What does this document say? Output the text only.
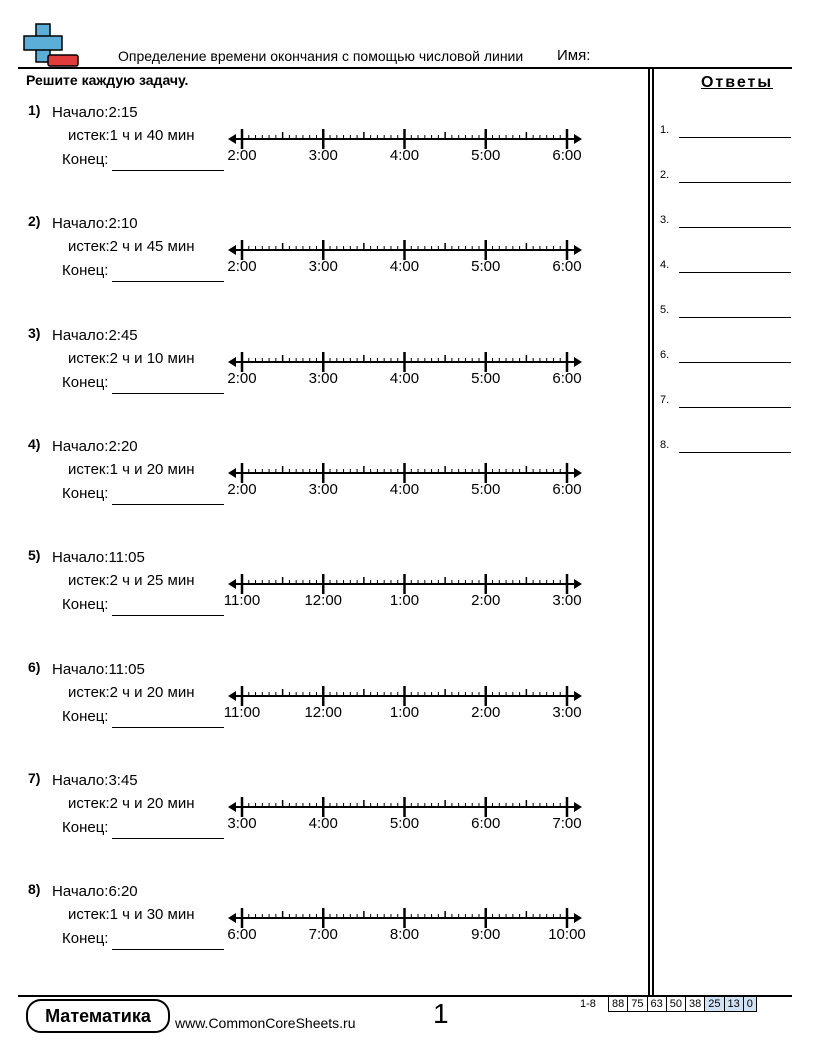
Определение времени окончания с помощью числовой линии Имя:
Решите каждую задачу.	Ответы
1.
2.
3.
4.
5.
6.
7.
8.
1) Начало:2:15
истек:1 ч и 40 мин
Конец:	2:00	3:00	4:00	5:00	6:00
2) Начало:2:10
истек:2 ч и 45 мин
Конец:	2:00	3:00	4:00	5:00	6:00
3) Начало:2:45
истек:2 ч и 10 мин
Конец:	2:00	3:00	4:00	5:00	6:00
4) Начало:2:20
истек:1 ч и 20 мин
Конец:	2:00	3:00	4:00	5:00	6:00
5) Начало:11:05
истек:2 ч и 25 мин
Конец:	11:00	12:00	1:00	2:00	3:00
6) Начало:11:05
истек:2 ч и 20 мин
Конец:	11:00	12:00	1:00	2:00	3:00
7) Начало:3:45
истек:2 ч и 20 мин
Конец:	3:00	4:00	5:00	6:00	7:00
8) Начало:6:20
истек:1 ч и 30 мин
Конец:	6:00	7:00	8:00	9:00	10:00
Математика	www.CommonCoreSheets.ru	1	1-8 88	75	63	50	38	25	13	0
